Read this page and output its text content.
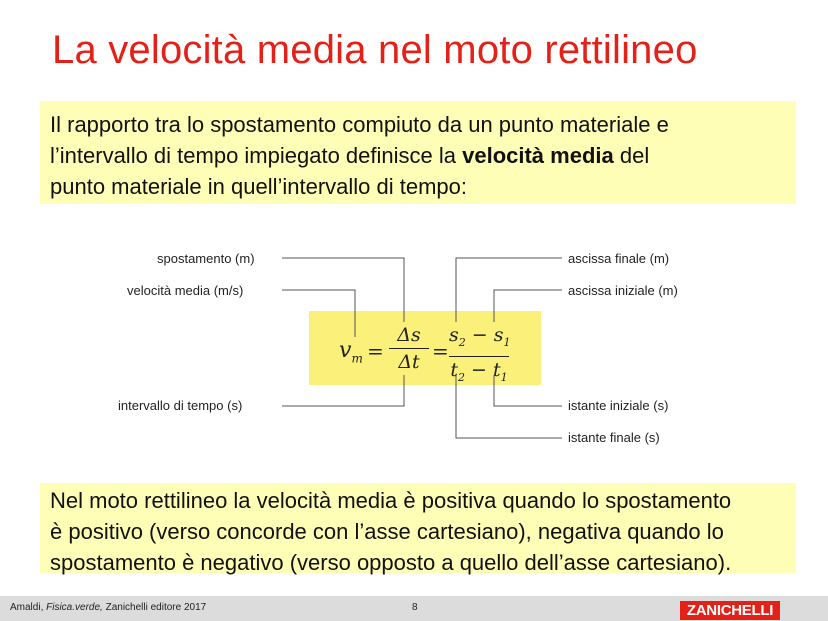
La velocità media nel moto rettilineo
Il rapporto tra lo spostamento compiuto da un punto materiale e
l’intervallo di tempo impiegato definisce la velocità media del
punto materiale in quell’intervallo di tempo:
spostamento (m)
velocità media (m/s)
intervallo di tempo (s)
ascissa finale (m)
ascissa iniziale (m)
istante iniziale (s)
istante finale (s)
$v_m$ =
Δs
Δt =
$s_2 - s_1$
$t_2 - t_1$
Nel moto rettilineo la velocità media è positiva quando lo spostamento
è positivo (verso concorde con l’asse cartesiano), negativa quando lo
spostamento è negativo (verso opposto a quello dell’asse cartesiano).
Amaldi, Fisica.verde, Zanichelli editore 2017	8	ZANICHELLI
